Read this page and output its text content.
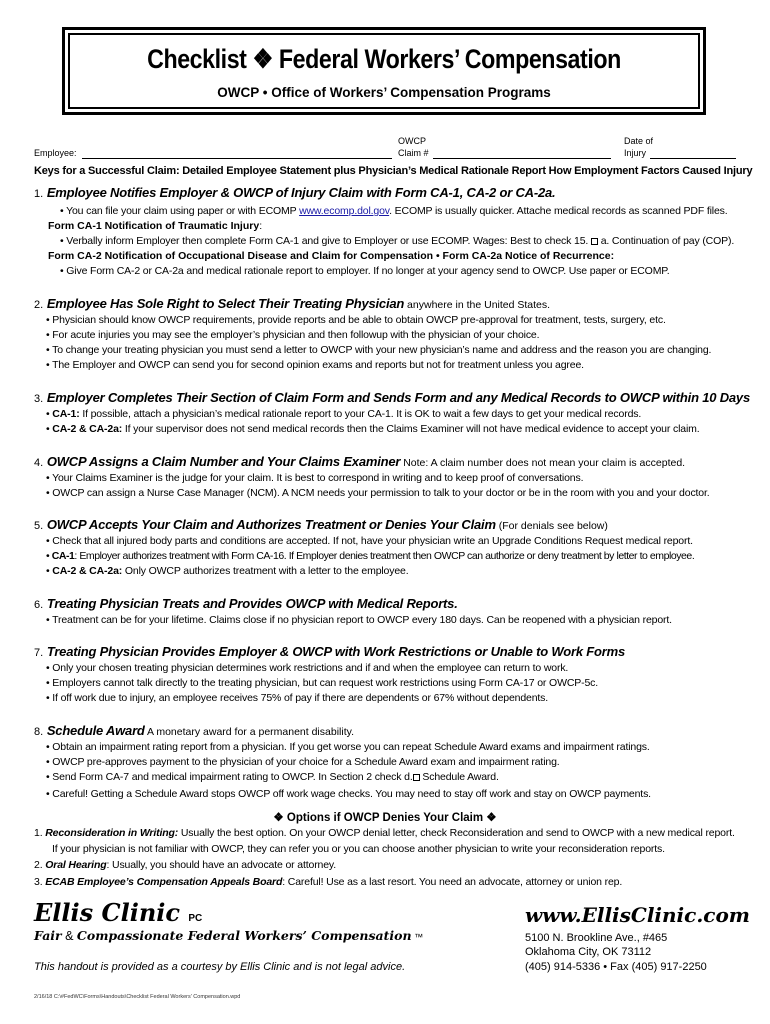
Checklist ❖ Federal Workers’ Compensation
OWCP • Office of Workers’ Compensation Programs
Employee:
OWCP
Claim #
Date of
Injury
Keys for a Successful Claim: Detailed Employee Statement plus Physician’s Medical Rationale Report How Employment Factors Caused Injury
1. Employee Notifies Employer & OWCP of Injury Claim with Form CA-1, CA-2 or CA-2a.
• You can file your claim using paper or with ECOMP www.ecomp.dol.gov. ECOMP is usually quicker. Attache medical records as scanned PDF files.
Form CA-1 Notification of Traumatic Injury:
• Verbally inform Employer then complete Form CA-1 and give to Employer or use ECOMP. Wages: Best to check 15.  a. Continuation of pay (COP).
Form CA-2 Notification of Occupational Disease and Claim for Compensation • Form CA-2a Notice of Recurrence:
• Give Form CA-2 or CA-2a and medical rationale report to employer. If no longer at your agency send to OWCP. Use paper or ECOMP.
2. Employee Has Sole Right to Select Their Treating Physician anywhere in the United States.
• Physician should know OWCP requirements, provide reports and be able to obtain OWCP pre-approval for treatment, tests, surgery, etc.
• For acute injuries you may see the employer’s physician and then followup with the physician of your choice.
• To change your treating physician you must send a letter to OWCP with your new physician’s name and address and the reason you are changing.
• The Employer and OWCP can send you for second opinion exams and reports but not for treatment unless you agree.
3. Employer Completes Their Section of Claim Form and Sends Form and any Medical Records to OWCP within 10 Days
• CA-1: If possible, attach a physician’s medical rationale report to your CA-1. It is OK to wait a few days to get your medical records.
• CA-2 & CA-2a: If your supervisor does not send medical records then the Claims Examiner will not have medical evidence to accept your claim.
4. OWCP Assigns a Claim Number and Your Claims Examiner Note: A claim number does not mean your claim is accepted.
• Your Claims Examiner is the judge for your claim. It is best to correspond in writing and to keep proof of conversations.
• OWCP can assign a Nurse Case Manager (NCM). A NCM needs your permission to talk to your doctor or be in the room with you and your doctor.
5. OWCP Accepts Your Claim and Authorizes Treatment or Denies Your Claim (For denials see below)
• Check that all injured body parts and conditions are accepted. If not, have your physician write an Upgrade Conditions Request medical report.
• CA-1: Employer authorizes treatment with Form CA-16. If Employer denies treatment then OWCP can authorize or deny treatment by letter to employee.
• CA-2 & CA-2a: Only OWCP authorizes treatment with a letter to the employee.
6. Treating Physician Treats and Provides OWCP with Medical Reports.
• Treatment can be for your lifetime. Claims close if no physician report to OWCP every 180 days. Can be reopened with a physician report.
7. Treating Physician Provides Employer & OWCP with Work Restrictions or Unable to Work Forms
• Only your chosen treating physician determines work restrictions and if and when the employee can return to work.
• Employers cannot talk directly to the treating physician, but can request work restrictions using Form CA-17 or OWCP-5c.
• If off work due to injury, an employee receives 75% of pay if there are dependents or 67% without dependents.
8. Schedule Award A monetary award for a permanent disability.
• Obtain an impairment rating report from a physician. If you get worse you can repeat Schedule Award exams and impairment ratings.
• OWCP pre-approves payment to the physician of your choice for a Schedule Award exam and impairment rating.
• Send Form CA-7 and medical impairment rating to OWCP. In Section 2 check d. Schedule Award.
• Careful! Getting a Schedule Award stops OWCP off work wage checks. You may need to stay off work and stay on OWCP payments.
❖ Options if OWCP Denies Your Claim ❖
1. Reconsideration in Writing: Usually the best option. On your OWCP denial letter, check Reconsideration and send to OWCP with a new medical report.
If your physician is not familiar with OWCP, they can refer you or you can choose another physician to write your reconsideration reports.
2. Oral Hearing: Usually, you should have an advocate or attorney.
3. ECAB Employee’s Compensation Appeals Board: Careful! Use as a last resort. You need an advocate, attorney or union rep.
Ellis Clinic PC
Fair & Compassionate Federal Workers’ Compensation ™
www.EllisClinic.com
5100 N. Brookline Ave., #465
Oklahoma City, OK 73112
(405) 914-5336 • Fax (405) 917-2250
This handout is provided as a courtesy by Ellis Clinic and is not legal advice.
2/16/18 C:\#FedWC\Forms\Handouts\Checklist Federal Workers' Compensation.wpd
